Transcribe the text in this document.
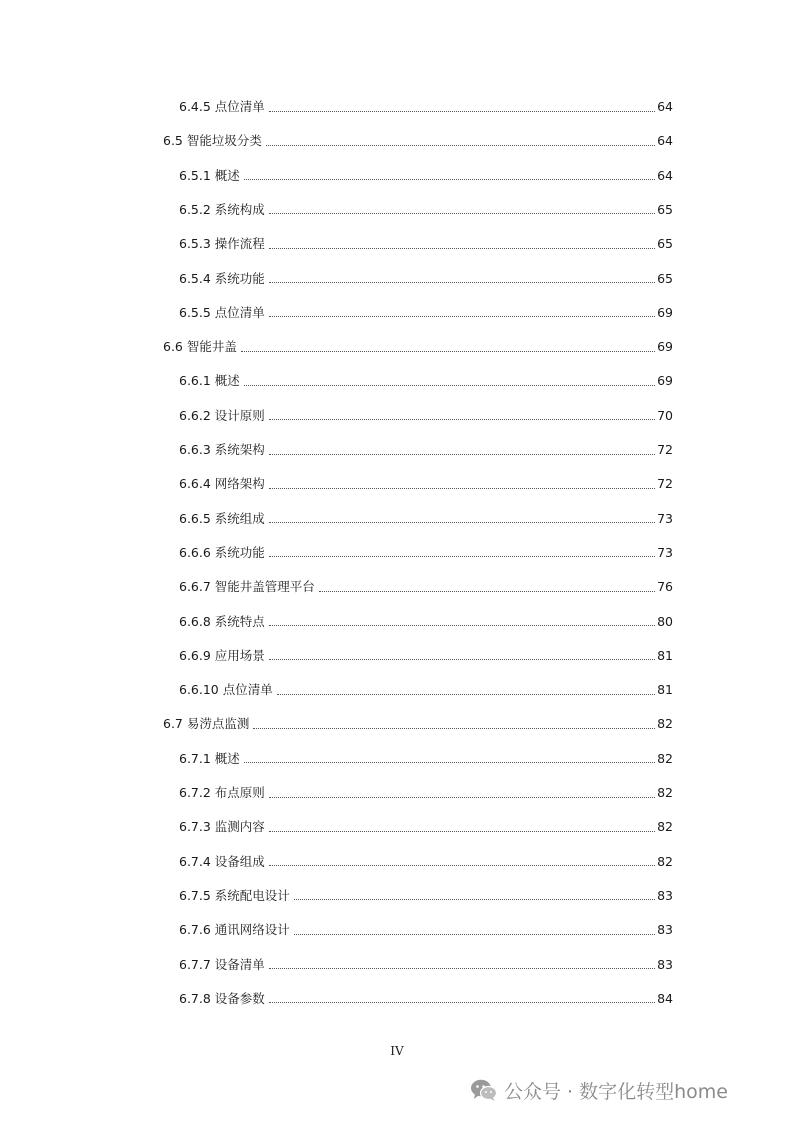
6.4.5 点位清单	64
6.5 智能垃圾分类	64
6.5.1 概述	64
6.5.2 系统构成	65
6.5.3 操作流程	65
6.5.4 系统功能	65
6.5.5 点位清单	69
6.6 智能井盖	69
6.6.1 概述	69
6.6.2 设计原则	70
6.6.3 系统架构	72
6.6.4 网络架构	72
6.6.5 系统组成	73
6.6.6 系统功能	73
6.6.7 智能井盖管理平台	76
6.6.8 系统特点	80
6.6.9 应用场景	81
6.6.10 点位清单	81
6.7 易涝点监测	82
6.7.1 概述	82
6.7.2 布点原则	82
6.7.3 监测内容	82
6.7.4 设备组成	82
6.7.5 系统配电设计	83
6.7.6 通讯网络设计	83
6.7.7 设备清单	83
6.7.8 设备参数	84
IV
公众号 · 数字化转型home
